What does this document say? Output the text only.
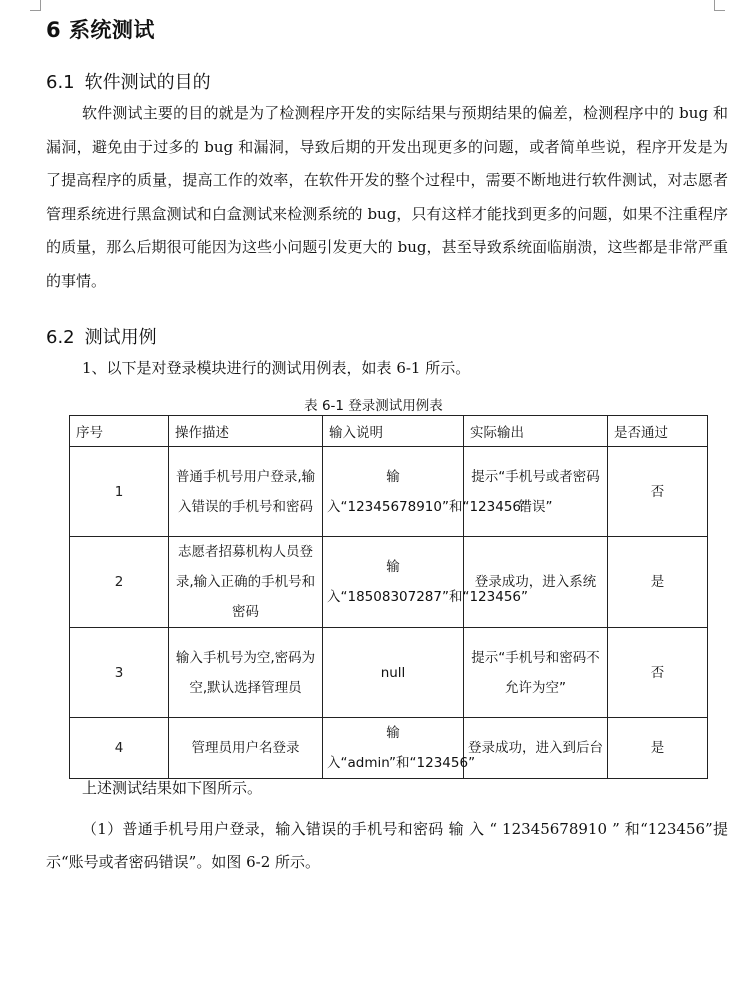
6 系统测试
6.1 软件测试的目的

软件测试主要的目的就是为了检测程序开发的实际结果与预期结果的偏差，检测程序中的 bug 和漏洞，避免由于过多的 bug 和漏洞，导致后期的开发出现更多的问题，或者简单些说，程序开发是为了提高程序的质量，提高工作的效率，在软件开发的整个过程中，需要不断地进行软件测试，对志愿者管理系统进行黑盒测试和白盒测试来检测系统的 bug，只有这样才能找到更多的问题，如果不注重程序的质量，那么后期很可能因为这些小问题引发更大的 bug，甚至导致系统面临崩溃，这些都是非常严重的事情。

6.2 测试用例

1、以下是对登录模块进行的测试用例表，如表 6-1 所示。

表 6-1 登录测试用例表

序号	操作描述	输入说明	实际输出	是否通过
1	普通手机号用户登录,输入错误的手机号和密码	输入“12345678910”和“123456”	提示“手机号或者密码错误”	否
2	志愿者招募机构人员登录,输入正确的手机号和密码	输入“18508307287”和“123456”	登录成功，进入系统	是
3	输入手机号为空,密码为空,默认选择管理员	null	提示“手机号和密码不允许为空”	否
4	管理员用户名登录	输入“admin”和“123456”	登录成功，进入到后台	是

上述测试结果如下图所示。

（1）普通手机号用户登录，输入错误的手机号和密码 输 入 “ 12345678910 ” 和“123456”提示“账号或者密码错误”。如图 6-2 所示。
